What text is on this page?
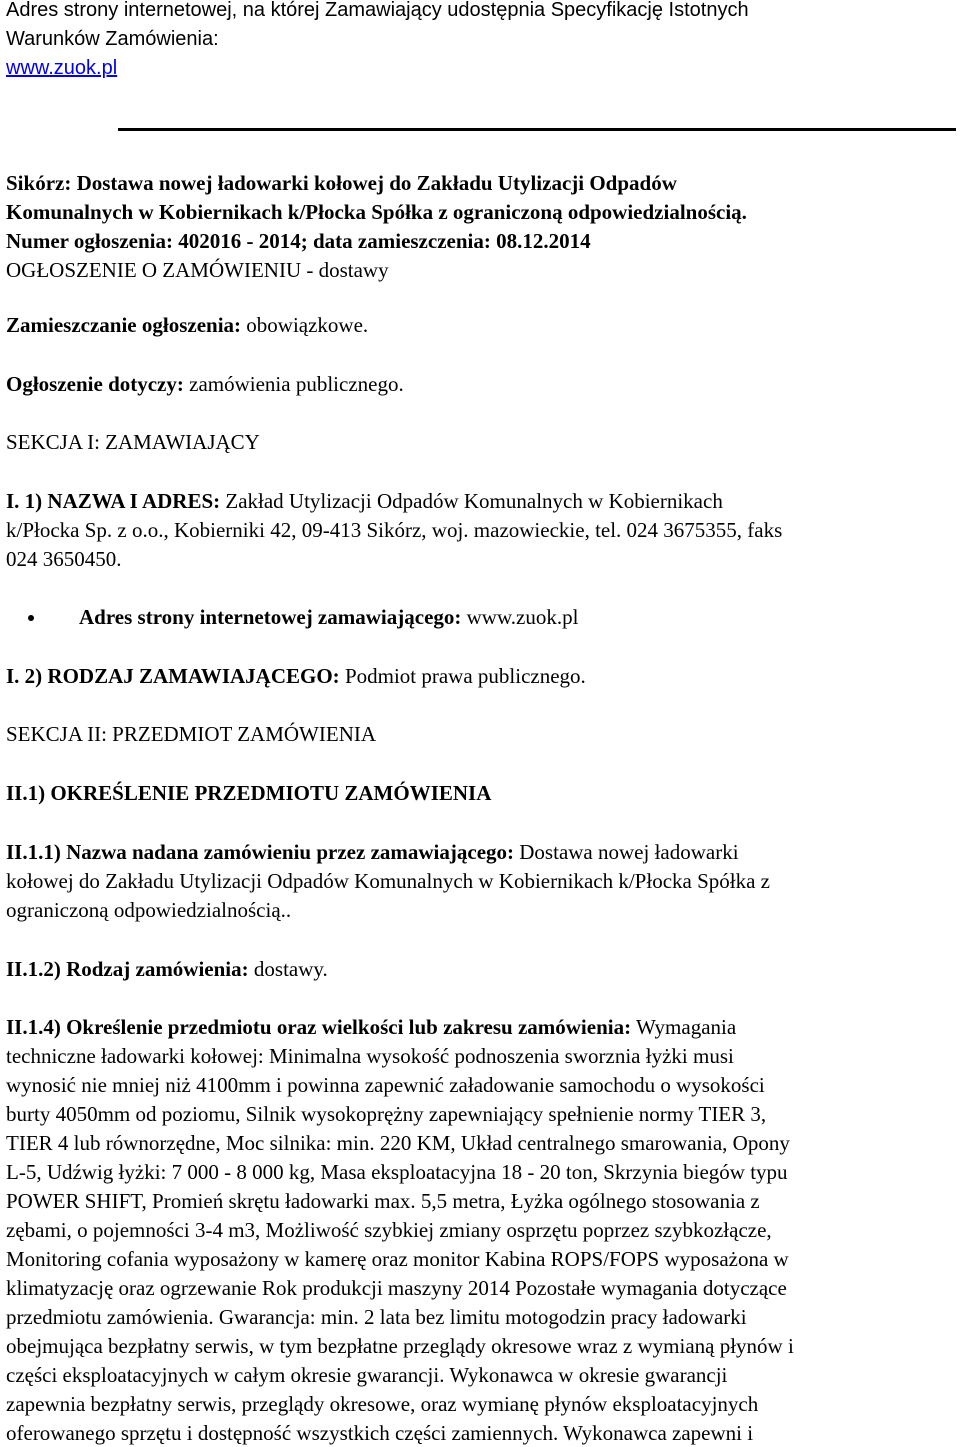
Adres strony internetowej, na której Zamawiający udostępnia Specyfikację Istotnych
Warunków Zamówienia:
www.zuok.pl

Sikórz: Dostawa nowej ładowarki kołowej do Zakładu Utylizacji Odpadów
Komunalnych w Kobiernikach k/Płocka Spółka z ograniczoną odpowiedzialnością.
Numer ogłoszenia: 402016 - 2014; data zamieszczenia: 08.12.2014
OGŁOSZENIE O ZAMÓWIENIU - dostawy

Zamieszczanie ogłoszenia: obowiązkowe.

Ogłoszenie dotyczy: zamówienia publicznego.

SEKCJA I: ZAMAWIAJĄCY

I. 1) NAZWA I ADRES: Zakład Utylizacji Odpadów Komunalnych w Kobiernikach
k/Płocka Sp. z o.o., Kobierniki 42, 09-413 Sikórz, woj. mazowieckie, tel. 024 3675355, faks
024 3650450.

Adres strony internetowej zamawiającego: www.zuok.pl

I. 2) RODZAJ ZAMAWIAJĄCEGO: Podmiot prawa publicznego.

SEKCJA II: PRZEDMIOT ZAMÓWIENIA

II.1) OKREŚLENIE PRZEDMIOTU ZAMÓWIENIA

II.1.1) Nazwa nadana zamówieniu przez zamawiającego: Dostawa nowej ładowarki
kołowej do Zakładu Utylizacji Odpadów Komunalnych w Kobiernikach k/Płocka Spółka z
ograniczoną odpowiedzialnością..

II.1.2) Rodzaj zamówienia: dostawy.

II.1.4) Określenie przedmiotu oraz wielkości lub zakresu zamówienia: Wymagania
techniczne ładowarki kołowej: Minimalna wysokość podnoszenia sworznia łyżki musi
wynosić nie mniej niż 4100mm i powinna zapewnić załadowanie samochodu o wysokości
burty 4050mm od poziomu, Silnik wysokoprężny zapewniający spełnienie normy TIER 3,
TIER 4 lub równorzędne, Moc silnika: min. 220 KM, Układ centralnego smarowania, Opony
L-5, Udźwig łyżki: 7 000 - 8 000 kg, Masa eksploatacyjna 18 - 20 ton, Skrzynia biegów typu
POWER SHIFT, Promień skrętu ładowarki max. 5,5 metra, Łyżka ogólnego stosowania z
zębami, o pojemności 3-4 m3, Możliwość szybkiej zmiany osprzętu poprzez szybkozłącze,
Monitoring cofania wyposażony w kamerę oraz monitor Kabina ROPS/FOPS wyposażona w
klimatyzację oraz ogrzewanie Rok produkcji maszyny 2014 Pozostałe wymagania dotyczące
przedmiotu zamówienia. Gwarancja: min. 2 lata bez limitu motogodzin pracy ładowarki
obejmująca bezpłatny serwis, w tym bezpłatne przeglądy okresowe wraz z wymianą płynów i
części eksploatacyjnych w całym okresie gwarancji. Wykonawca w okresie gwarancji
zapewnia bezpłatny serwis, przeglądy okresowe, oraz wymianę płynów eksploatacyjnych
oferowanego sprzętu i dostępność wszystkich części zamiennych. Wykonawca zapewni i
